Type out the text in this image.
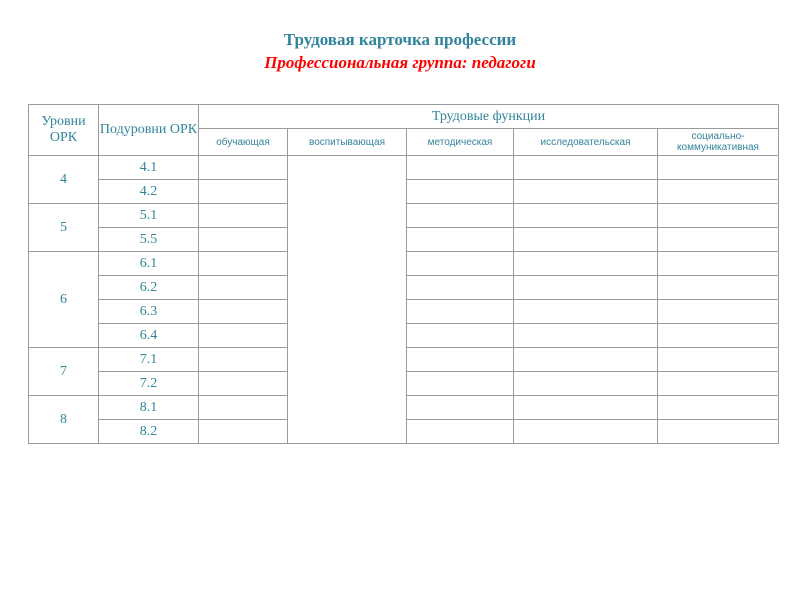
Трудовая карточка профессии
Профессиональная группа: педагоги
Уровни ОРК	Подуровни ОРК	Трудовые функции				
		обучающая	воспитывающая	методическая	исследовательская	социально-коммуникативная
4	4.1					
	4.2					
5	5.1					
	5.5					
6	6.1					
	6.2					
	6.3					
	6.4					
7	7.1					
	7.2					
8	8.1					
	8.2					
